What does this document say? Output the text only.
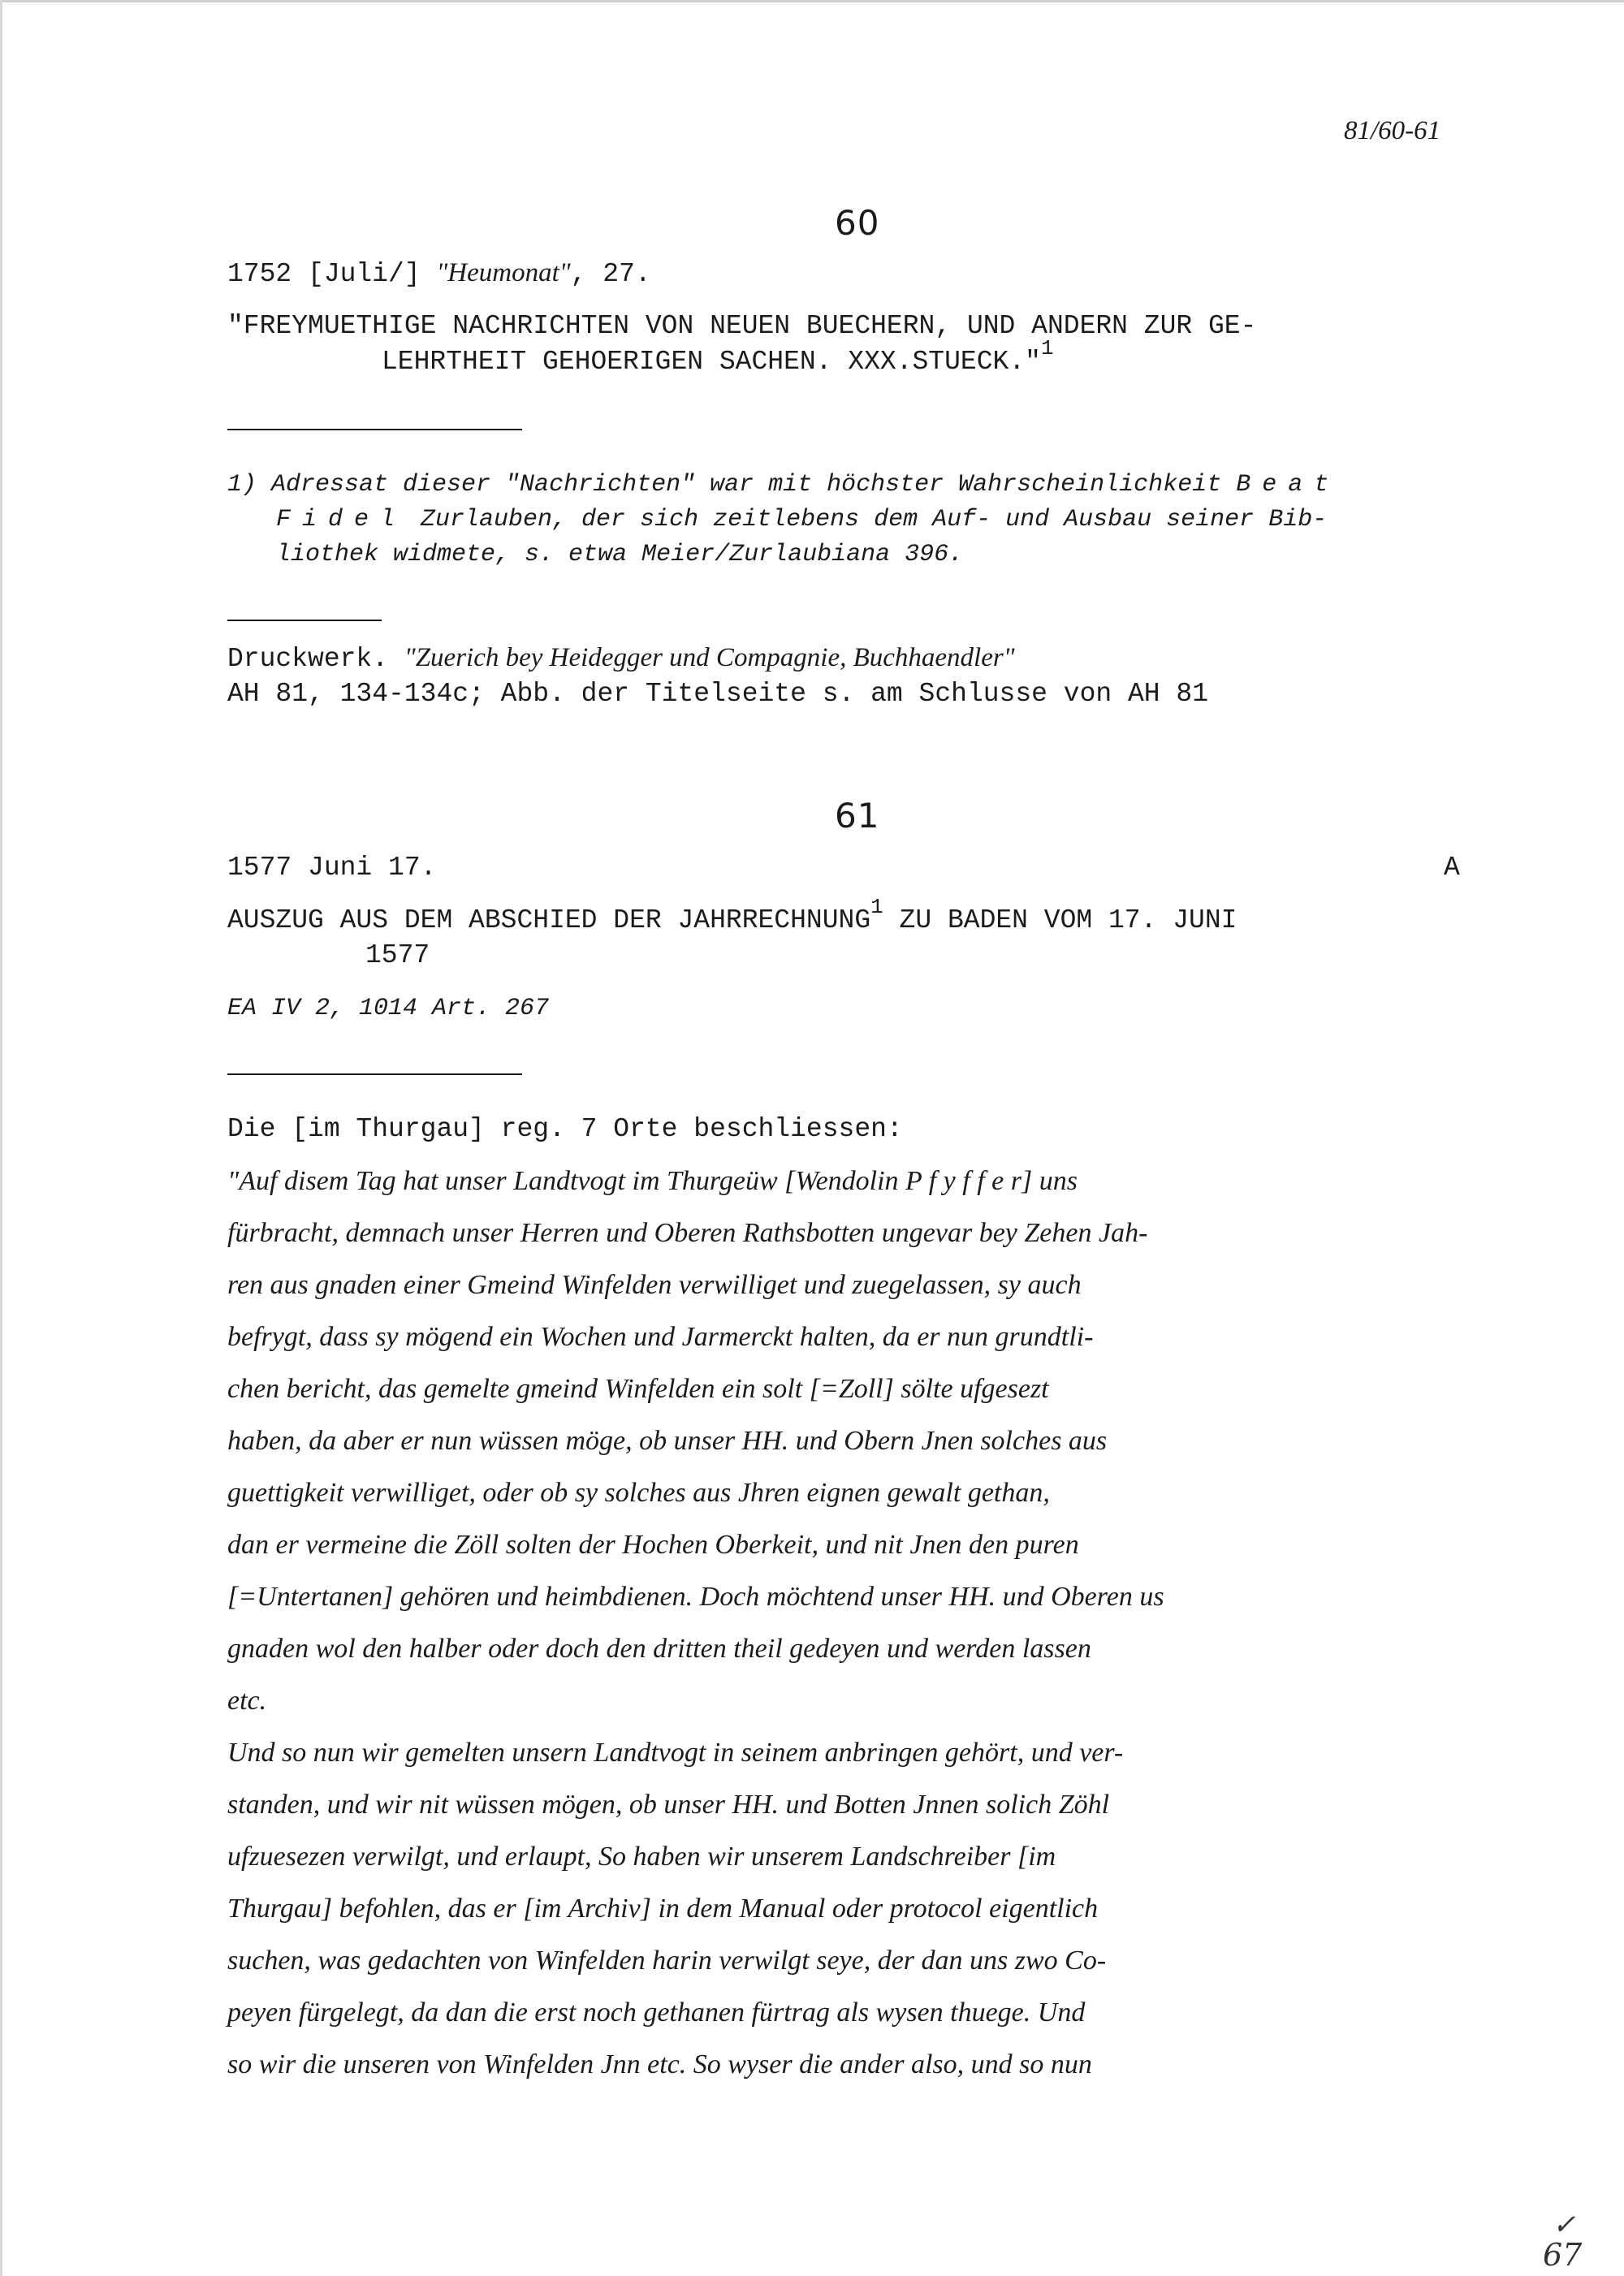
81/60-61
60
1752 [Juli/] "Heumonat", 27.
"FREYMUETHIGE NACHRICHTEN VON NEUEN BUECHERN, UND ANDERN ZUR GE-
LEHRTHEIT GEHOERIGEN SACHEN. XXX.STUECK."$^1$
1) Adressat dieser "Nachrichten" war mit höchster Wahrscheinlichkeit Beat
Fidel Zurlauben, der sich zeitlebens dem Auf- und Ausbau seiner Bib-
liothek widmete, s. etwa Meier/Zurlaubiana 396.
Druckwerk. "Zuerich bey Heidegger und Compagnie, Buchhaendler"
AH 81, 134-134c; Abb. der Titelseite s. am Schlusse von AH 81
61
1577 Juni 17.	A
AUSZUG AUS DEM ABSCHIED DER JAHRRECHNUNG$^1$ ZU BADEN VOM 17. JUNI
1577
EA IV 2, 1014 Art. 267
Die [im Thurgau] reg. 7 Orte beschliessen:
"Auf disem Tag hat unser Landtvogt im Thurgeüw [Wendolin P f y f f e r] uns
fürbracht, demnach unser Herren und Oberen Rathsbotten ungevar bey Zehen Jah-
ren aus gnaden einer Gmeind Winfelden verwilliget und zuegelassen, sy auch
befrygt, dass sy mögend ein Wochen und Jarmerckt halten, da er nun grundtli-
chen bericht, das gemelte gmeind Winfelden ein solt [=Zoll] sölte ufgesezt
haben, da aber er nun wüssen möge, ob unser HH. und Obern Jnen solches aus
guettigkeit verwilliget, oder ob sy solches aus Jhren eignen gewalt gethan,
dan er vermeine die Zöll solten der Hochen Oberkeit, und nit Jnen den puren
[=Untertanen] gehören und heimbdienen. Doch möchtend unser HH. und Oberen us
gnaden wol den halber oder doch den dritten theil gedeyen und werden lassen
etc.
Und so nun wir gemelten unsern Landtvogt in seinem anbringen gehört, und ver-
standen, und wir nit wüssen mögen, ob unser HH. und Botten Jnnen solich Zöhl
ufzuesezen verwilgt, und erlaupt, So haben wir unserem Landschreiber [im
Thurgau] befohlen, das er [im Archiv] in dem Manual oder protocol eigentlich
suchen, was gedachten von Winfelden harin verwilgt seye, der dan uns zwo Co-
peyen fürgelegt, da dan die erst noch gethanen fürtrag als wysen thuege. Und
so wir die unseren von Winfelden Jnn etc. So wyser die ander also, und so nun
✓
67
